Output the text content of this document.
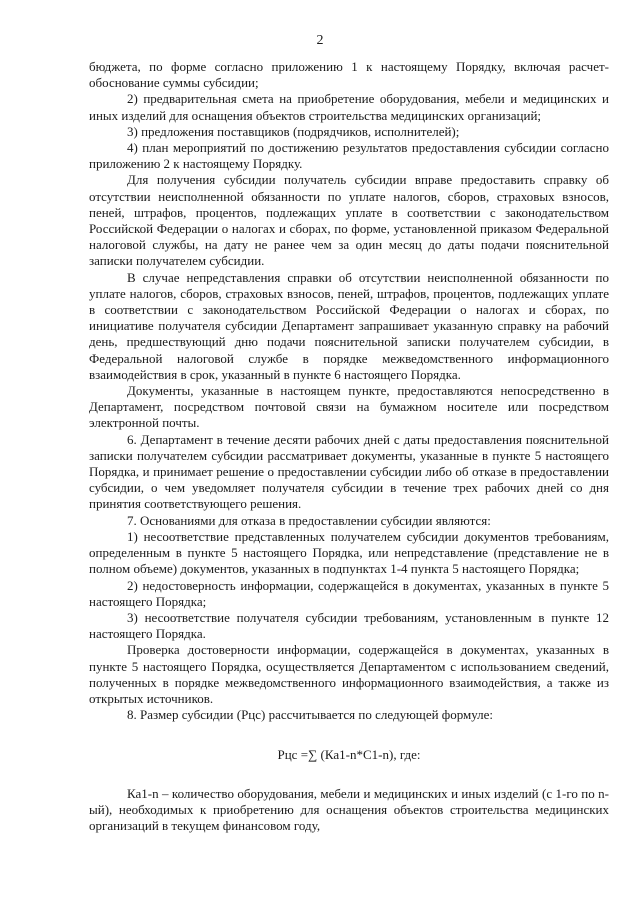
2

бюджета, по форме согласно приложению 1 к настоящему Порядку, включая расчет-обоснование суммы субсидии;

2) предварительная смета на приобретение оборудования, мебели и медицинских и иных изделий для оснащения объектов строительства медицинских организаций;

3) предложения поставщиков (подрядчиков, исполнителей);

4) план мероприятий по достижению результатов предоставления субсидии согласно приложению 2 к настоящему Порядку.

Для получения субсидии получатель субсидии вправе предоставить справку об отсутствии неисполненной обязанности по уплате налогов, сборов, страховых взносов, пеней, штрафов, процентов, подлежащих уплате в соответствии с законодательством Российской Федерации о налогах и сборах, по форме, установленной приказом Федеральной налоговой службы, на дату не ранее чем за один месяц до даты подачи пояснительной записки получателем субсидии.

В случае непредставления справки об отсутствии неисполненной обязанности по уплате налогов, сборов, страховых взносов, пеней, штрафов, процентов, подлежащих уплате в соответствии с законодательством Российской Федерации о налогах и сборах, по инициативе получателя субсидии Департамент запрашивает указанную справку на рабочий день, предшествующий дню подачи пояснительной записки получателем субсидии, в Федеральной налоговой службе в порядке межведомственного информационного взаимодействия в срок, указанный в пункте 6 настоящего Порядка.

Документы, указанные в настоящем пункте, предоставляются непосредственно в Департамент, посредством почтовой связи на бумажном носителе или посредством электронной почты.

6. Департамент в течение десяти рабочих дней с даты предоставления пояснительной записки получателем субсидии рассматривает документы, указанные в пункте 5 настоящего Порядка, и принимает решение о предоставлении субсидии либо об отказе в предоставлении субсидии, о чем уведомляет получателя субсидии в течение трех рабочих дней со дня принятия соответствующего решения.

7. Основаниями для отказа в предоставлении субсидии являются:

1) несоответствие представленных получателем субсидии документов требованиям, определенным в пункте 5 настоящего Порядка, или непредставление (представление не в полном объеме) документов, указанных в подпунктах 1-4 пункта 5 настоящего Порядка;

2) недостоверность информации, содержащейся в документах, указанных в пункте 5 настоящего Порядка;

3) несоответствие получателя субсидии требованиям, установленным в пункте 12 настоящего Порядка.

Проверка достоверности информации, содержащейся в документах, указанных в пункте 5 настоящего Порядка, осуществляется Департаментом с использованием сведений, полученных в порядке межведомственного информационного взаимодействия, а также из открытых источников.

8. Размер субсидии (Рцс) рассчитывается по следующей формуле:

Рцс =∑ (Ка1-n*С1-n), где:

Ка1-n – количество оборудования, мебели и медицинских и иных изделий (с 1-го по n-ый), необходимых к приобретению для оснащения объектов строительства медицинских организаций в текущем финансовом году,
